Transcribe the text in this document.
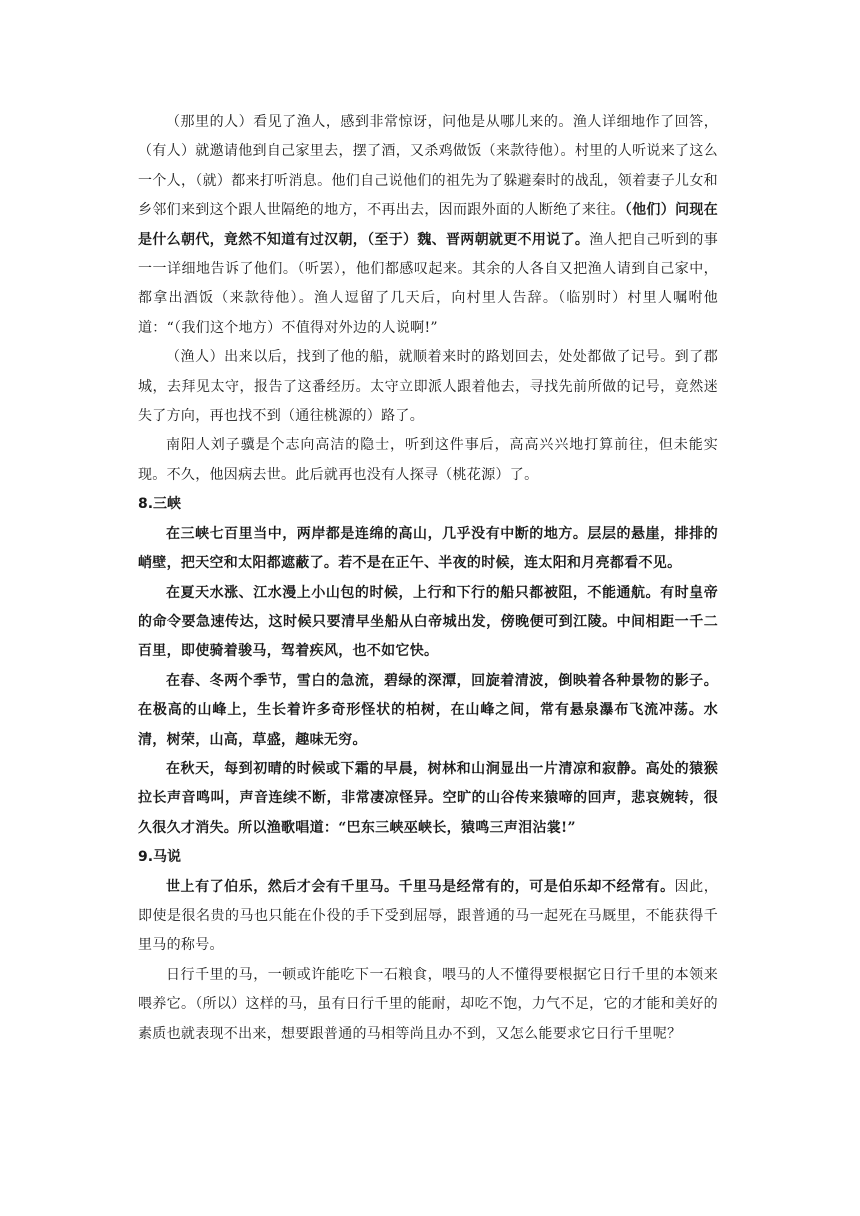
（那里的人）看见了渔人，感到非常惊讶，问他是从哪儿来的。渔人详细地作了回答，（有人）就邀请他到自己家里去，摆了酒，又杀鸡做饭（来款待他）。村里的人听说来了这么一个人，（就）都来打听消息。他们自己说他们的祖先为了躲避秦时的战乱，领着妻子儿女和乡邻们来到这个跟人世隔绝的地方，不再出去，因而跟外面的人断绝了来往。（他们）问现在是什么朝代，竟然不知道有过汉朝，（至于）魏、晋两朝就更不用说了。渔人把自己听到的事一一详细地告诉了他们。（听罢），他们都感叹起来。其余的人各自又把渔人请到自己家中，都拿出酒饭（来款待他）。渔人逗留了几天后，向村里人告辞。（临别时）村里人嘱咐他道：“（我们这个地方）不值得对外边的人说啊!”

（渔人）出来以后，找到了他的船，就顺着来时的路划回去，处处都做了记号。到了郡城，去拜见太守，报告了这番经历。太守立即派人跟着他去，寻找先前所做的记号，竟然迷失了方向，再也找不到（通往桃源的）路了。

南阳人刘子骥是个志向高洁的隐士，听到这件事后，高高兴兴地打算前往，但未能实现。不久，他因病去世。此后就再也没有人探寻（桃花源）了。

8.三峡

在三峡七百里当中，两岸都是连绵的高山，几乎没有中断的地方。层层的悬崖，排排的峭壁，把天空和太阳都遮蔽了。若不是在正午、半夜的时候，连太阳和月亮都看不见。

在夏天水涨、江水漫上小山包的时候，上行和下行的船只都被阻，不能通航。有时皇帝的命令要急速传达，这时候只要清早坐船从白帝城出发，傍晚便可到江陵。中间相距一千二百里，即使骑着骏马，驾着疾风，也不如它快。

在春、冬两个季节，雪白的急流，碧绿的深潭，回旋着清波，倒映着各种景物的影子。在极高的山峰上，生长着许多奇形怪状的柏树，在山峰之间，常有悬泉瀑布飞流冲荡。水清，树荣，山高，草盛，趣味无穷。

在秋天，每到初晴的时候或下霜的早晨，树林和山涧显出一片清凉和寂静。高处的猿猴拉长声音鸣叫，声音连续不断，非常凄凉怪异。空旷的山谷传来猿啼的回声，悲哀婉转，很久很久才消失。所以渔歌唱道：“巴东三峡巫峡长，猿鸣三声泪沾裳!”

9.马说

世上有了伯乐，然后才会有千里马。千里马是经常有的，可是伯乐却不经常有。因此，即使是很名贵的马也只能在仆役的手下受到屈辱，跟普通的马一起死在马厩里，不能获得千里马的称号。

日行千里的马，一顿或许能吃下一石粮食，喂马的人不懂得要根据它日行千里的本领来喂养它。（所以）这样的马，虽有日行千里的能耐，却吃不饱，力气不足，它的才能和美好的素质也就表现不出来，想要跟普通的马相等尚且办不到，又怎么能要求它日行千里呢？
